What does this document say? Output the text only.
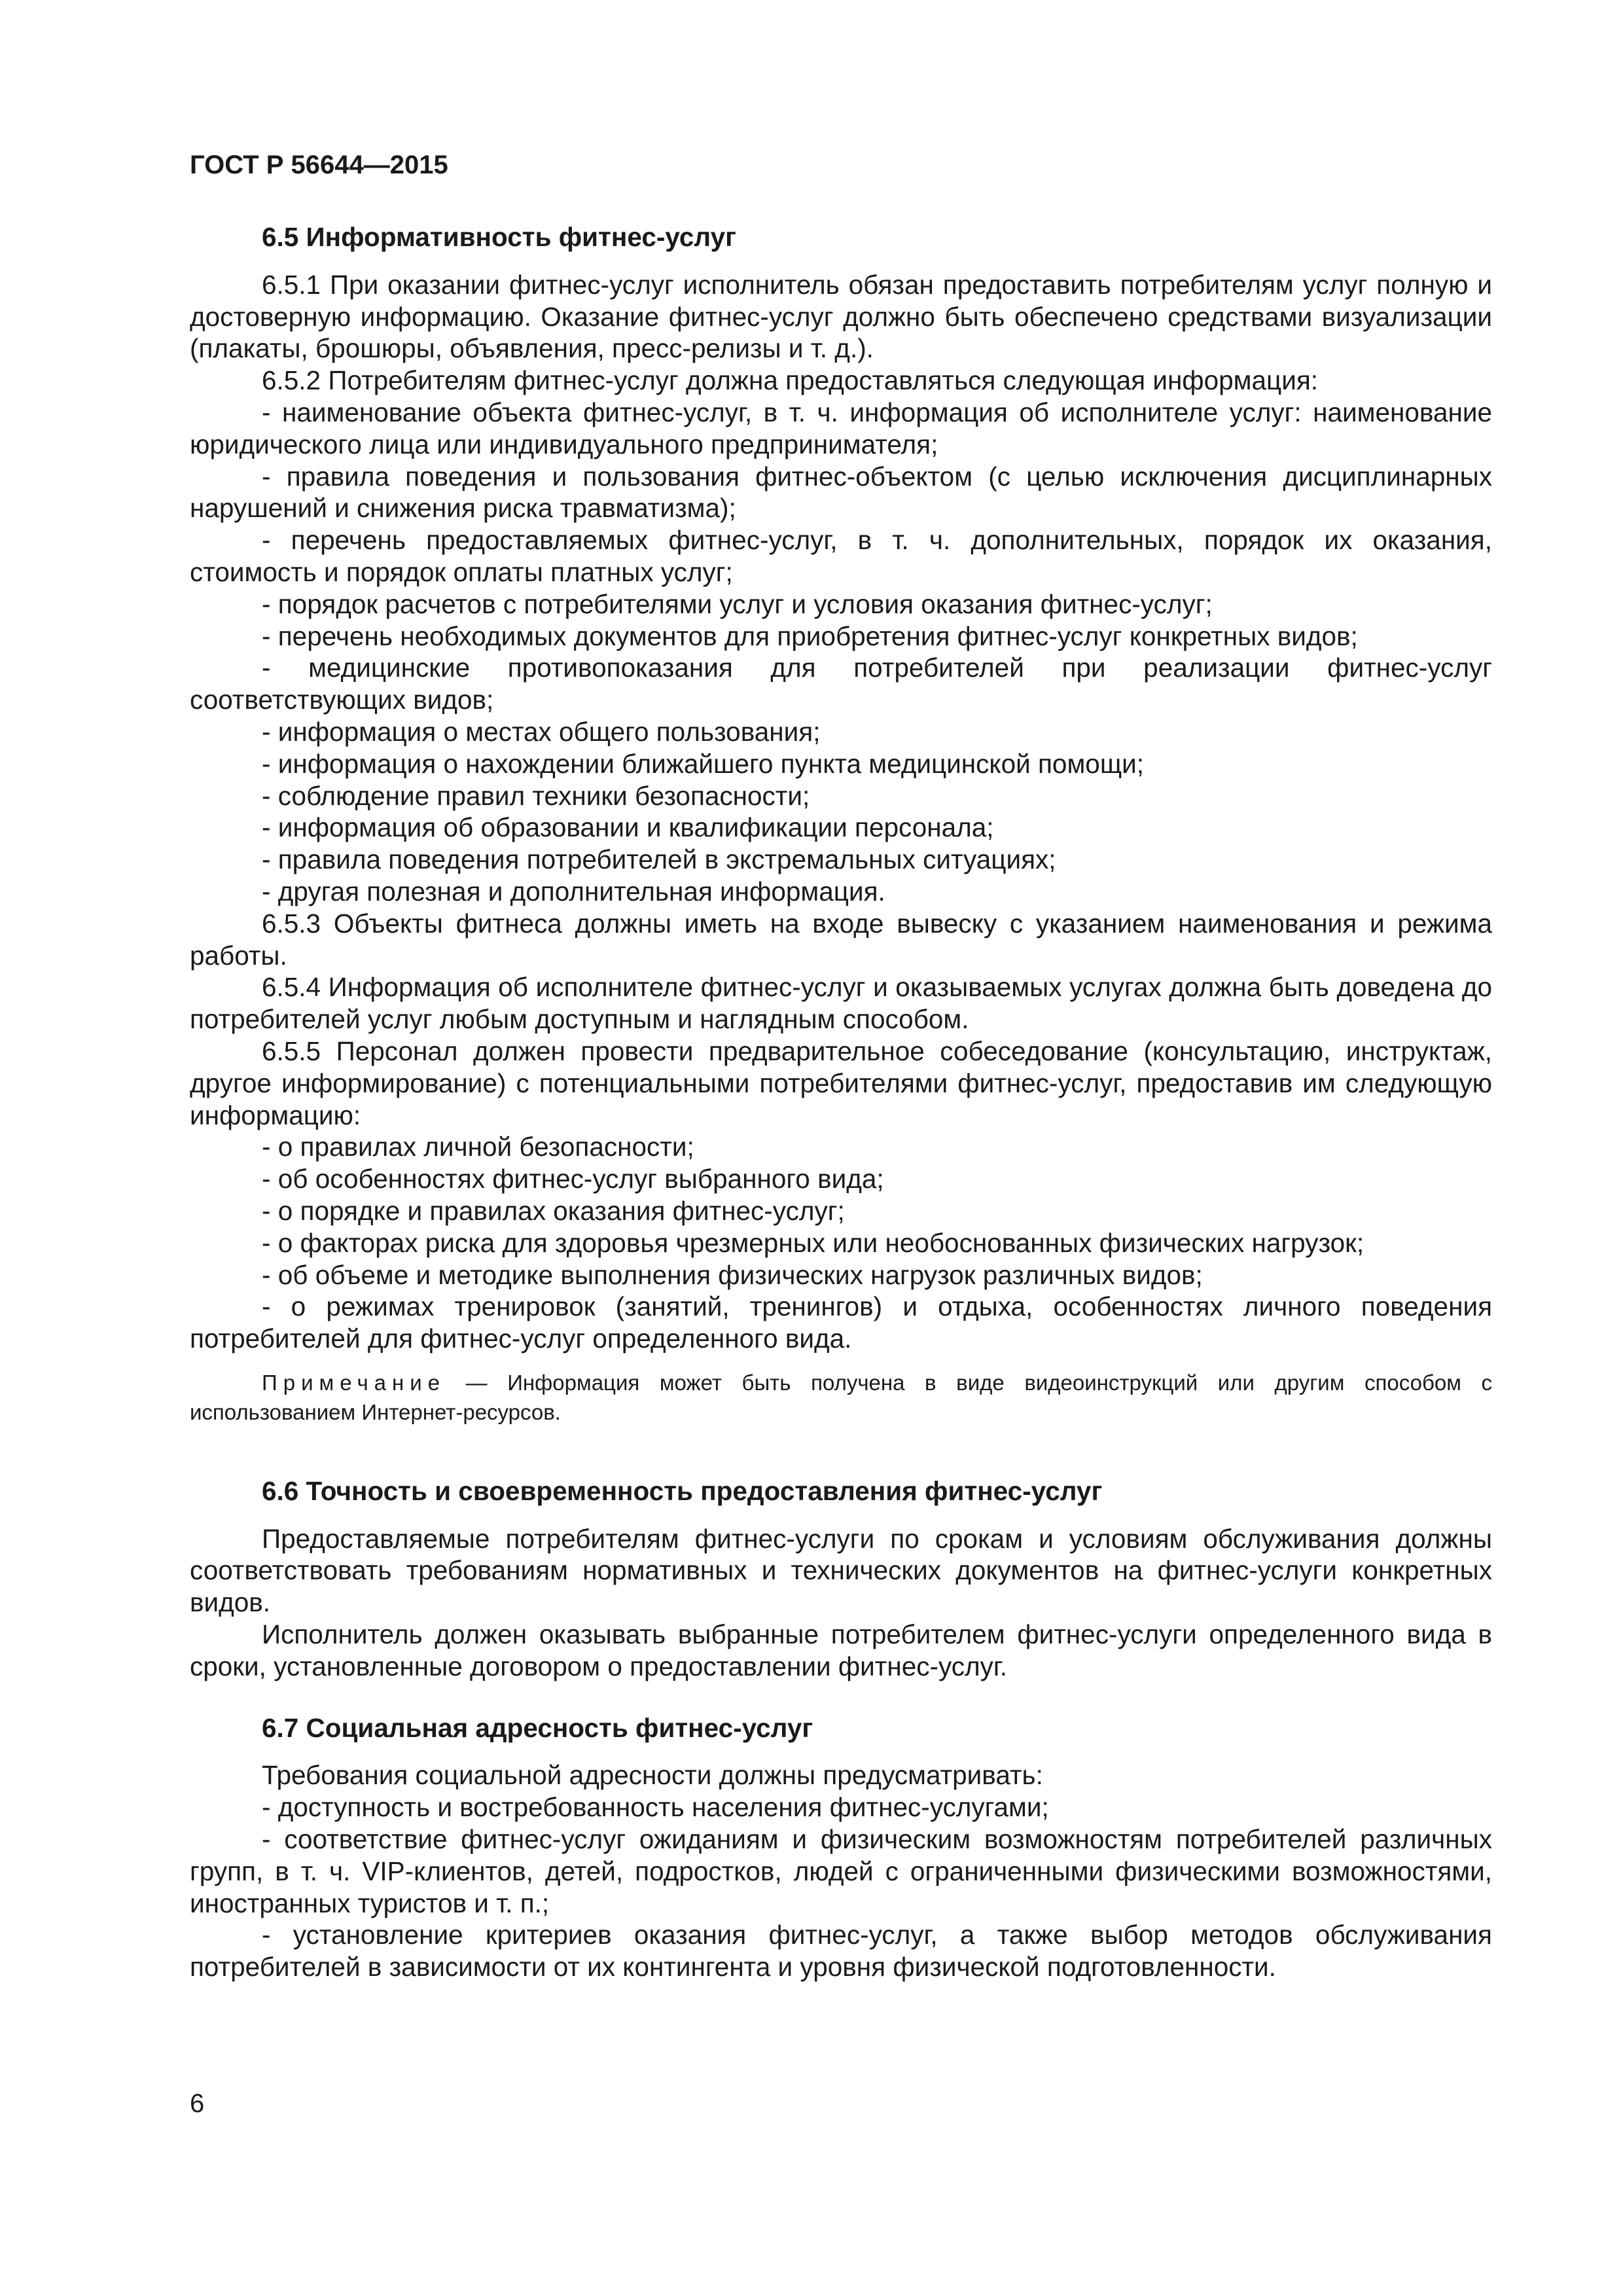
ГОСТ Р 56644—2015

6.5 Информативность фитнес-услуг

6.5.1 При оказании фитнес-услуг исполнитель обязан предоставить потребителям услуг полную и достоверную информацию. Оказание фитнес-услуг должно быть обеспечено средствами визуализации (плакаты, брошюры, объявления, пресс-релизы и т. д.).

6.5.2 Потребителям фитнес-услуг должна предоставляться следующая информация:

- наименование объекта фитнес-услуг, в т. ч. информация об исполнителе услуг: наименование юридического лица или индивидуального предпринимателя;

- правила поведения и пользования фитнес-объектом (с целью исключения дисциплинарных нарушений и снижения риска травматизма);

- перечень предоставляемых фитнес-услуг, в т. ч. дополнительных, порядок их оказания, стоимость и порядок оплаты платных услуг;

- порядок расчетов с потребителями услуг и условия оказания фитнес-услуг;

- перечень необходимых документов для приобретения фитнес-услуг конкретных видов;

- медицинские противопоказания для потребителей при реализации фитнес-услуг соответствующих видов;

- информация о местах общего пользования;

- информация о нахождении ближайшего пункта медицинской помощи;

- соблюдение правил техники безопасности;

- информация об образовании и квалификации персонала;

- правила поведения потребителей в экстремальных ситуациях;

- другая полезная и дополнительная информация.

6.5.3 Объекты фитнеса должны иметь на входе вывеску с указанием наименования и режима работы.

6.5.4 Информация об исполнителе фитнес-услуг и оказываемых услугах должна быть доведена до потребителей услуг любым доступным и наглядным способом.

6.5.5 Персонал должен провести предварительное собеседование (консультацию, инструктаж, другое информирование) с потенциальными потребителями фитнес-услуг, предоставив им следующую информацию:

- о правилах личной безопасности;

- об особенностях фитнес-услуг выбранного вида;

- о порядке и правилах оказания фитнес-услуг;

- о факторах риска для здоровья чрезмерных или необоснованных физических нагрузок;

- об объеме и методике выполнения физических нагрузок различных видов;

- о режимах тренировок (занятий, тренингов) и отдыха, особенностях личного поведения потребителей для фитнес-услуг определенного вида.

Примечание — Информация может быть получена в виде видеоинструкций или другим способом с использованием Интернет-ресурсов.

6.6 Точность и своевременность предоставления фитнес-услуг

Предоставляемые потребителям фитнес-услуги по срокам и условиям обслуживания должны соответствовать требованиям нормативных и технических документов на фитнес-услуги конкретных видов.

Исполнитель должен оказывать выбранные потребителем фитнес-услуги определенного вида в сроки, установленные договором о предоставлении фитнес-услуг.

6.7 Социальная адресность фитнес-услуг

Требования социальной адресности должны предусматривать:

- доступность и востребованность населения фитнес-услугами;

- соответствие фитнес-услуг ожиданиям и физическим возможностям потребителей различных групп, в т. ч. VIP-клиентов, детей, подростков, людей с ограниченными физическими возможностями, иностранных туристов и т. п.;

- установление критериев оказания фитнес-услуг, а также выбор методов обслуживания потребителей в зависимости от их контингента и уровня физической подготовленности.

6
